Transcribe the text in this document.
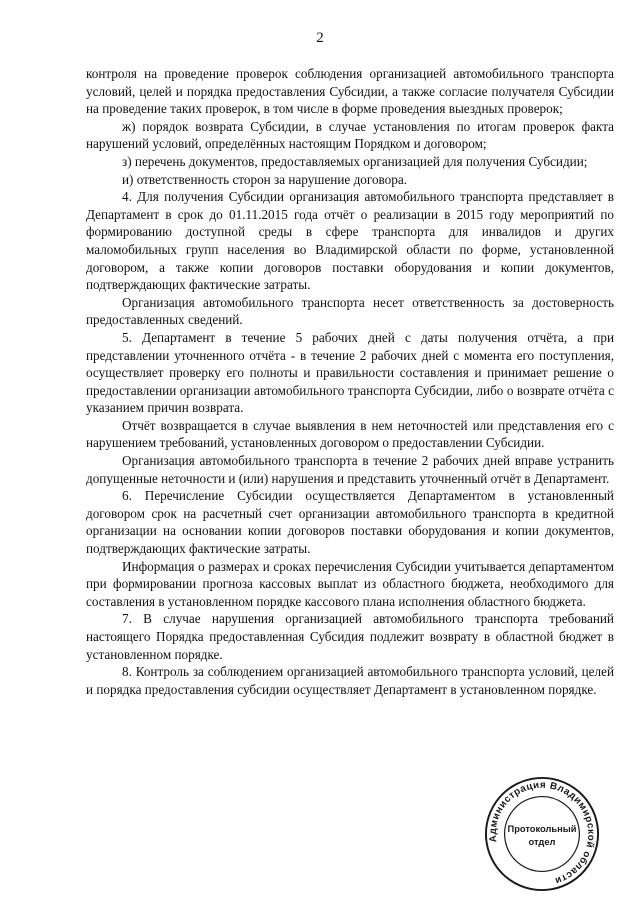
2

контроля на проведение проверок соблюдения организацией автомобильного транспорта условий, целей и порядка предоставления Субсидии, а также согласие получателя Субсидии на проведение таких проверок, в том числе в форме проведения выездных проверок;

ж) порядок возврата Субсидии, в случае установления по итогам проверок факта нарушений условий, определённых настоящим Порядком и договором;

з) перечень документов, предоставляемых организацией для получения Субсидии;

и) ответственность сторон за нарушение договора.

4. Для получения Субсидии организация автомобильного транспорта представляет в Департамент в срок до 01.11.2015 года отчёт о реализации в 2015 году мероприятий по формированию доступной среды в сфере транспорта для инвалидов и других маломобильных групп населения во Владимирской области по форме, установленной договором, а также копии договоров поставки оборудования и копии документов, подтверждающих фактические затраты.

Организация автомобильного транспорта несет ответственность за достоверность предоставленных сведений.

5. Департамент в течение 5 рабочих дней с даты получения отчёта, а при представлении уточненного отчёта - в течение 2 рабочих дней с момента его поступления, осуществляет проверку его полноты и правильности составления и принимает решение о предоставлении организации автомобильного транспорта Субсидии, либо о возврате отчёта с указанием причин возврата.

Отчёт возвращается в случае выявления в нем неточностей или представления его с нарушением требований, установленных договором о предоставлении Субсидии.

Организация автомобильного транспорта в течение 2 рабочих дней вправе устранить допущенные неточности и (или) нарушения и представить уточненный отчёт в Департамент.

6. Перечисление Субсидии осуществляется Департаментом в установленный договором срок на расчетный счет организации автомобильного транспорта в кредитной организации на основании копии договоров поставки оборудования и копии документов, подтверждающих фактические затраты.

Информация о размерах и сроках перечисления Субсидии учитывается департаментом при формировании прогноза кассовых выплат из областного бюджета, необходимого для составления в установленном порядке кассового плана исполнения областного бюджета.

7. В случае нарушения организацией автомобильного транспорта требований настоящего Порядка предоставленная Субсидия подлежит возврату в областной бюджет в установленном порядке.

8. Контроль за соблюдением организацией автомобильного транспорта условий, целей и порядка предоставления субсидии осуществляет Департамент в установленном порядке.

Администрация Владимирской области
Протокольный
отдел
